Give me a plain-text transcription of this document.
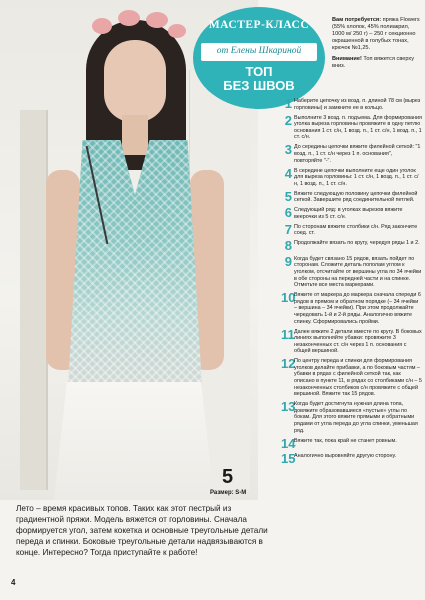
5
Размер: S-M
МАСТЕР-КЛАСС
от Елены Шкариной
ТОП
БЕЗ ШВОВ
Вам потребуется: пряжа Flowers (55% хлопок, 45% полиакрил, 1000 м/ 250 г) – 250 г секционно окрашенной в голубых тонах, крючок №1,25.
Внимание! Топ вяжется сверху вниз.
1 Наберите цепочку из возд. п. длиной 78 см (вырез горловины) и замкните ее в кольцо.
2 Выполните 3 возд. п. подъема. Для формирования уголка выреза горловины провяжите в одну петлю основания 1 ст. с/н, 1 возд. п., 1 ст. с/н, 1 возд. п., 1 ст. с/н.
3 До середины цепочки вяжите филейной сеткой: "1 возд. п., 1 ст. с/н через 1 п. основания", повторяйте "-".
4 В середине цепочки выполните еще один уголок для выреза горловины: 1 ст. с/н, 1 возд. п., 1 ст. с/н, 1 возд. п., 1 ст. с/н.
5 Вяжите следующую половину цепочки филейной сеткой. Завершите ряд соединительной петлей.
6 Следующий ряд: в уголках вырезов вяжите веерочки из 5 ст. с/н.
7 По сторонам вяжите столбики с/н. Ряд закончите соед. ст.
8 Продолжайте вязать по кругу, чередуя ряды 1 и 2.
9 Когда будет связано 15 рядов, вязать пойдет по сторонам. Сложите деталь пополам углом к уголком, отсчитайте от вершины угла по 34 ячейки в обе стороны на передней части и на спинке. Отметьте все места маркерами.
10
Вяжите от маркера до маркера сначала спереди 6 рядов в прямом и обратном порядке (– 34 ячейки – вершина – 34 ячейки). При этом продолжайте чередовать 1-й и 2-й ряды. Аналогично вяжите спинку. Сформировались пройми.
11 Далее вяжите 2 детали вместе по кругу. В боковых линиях выполняйте убавки: провяжите 3 незаконченных ст. с/н через 1 п. основания с общей вершиной.
12
По центру переда и спинки для формирования уголков делайте прибавки, а по боковым частям – убавки в рядах с филейной сеткой так, как описано в пункте 11, в рядах со столбиками с/н – 5 незаконченных столбиков с/н провяжите с общей вершиной. Вяжите так 15 рядов.
13
Когда будет достигнута нужная длина топа, довяжите образовавшиеся «пустые» углы по бокам. Для этого вяжите прямыми и обратными рядами от угла переда до угла спинки, уменьшая ряд.
14
Вяжите так, пока край не станет ровным.
15
Аналогично выровняйте другую сторону.
Лето – время красивых топов. Таких как этот пестрый из градиентной пряжи. Модель вяжется от горловины. Сначала формируется угол, затем кокетка и основные треугольные детали переда и спинки. Боковые треугольные детали надвязываются в конце. Интересно? Тогда приступайте к работе!
4
